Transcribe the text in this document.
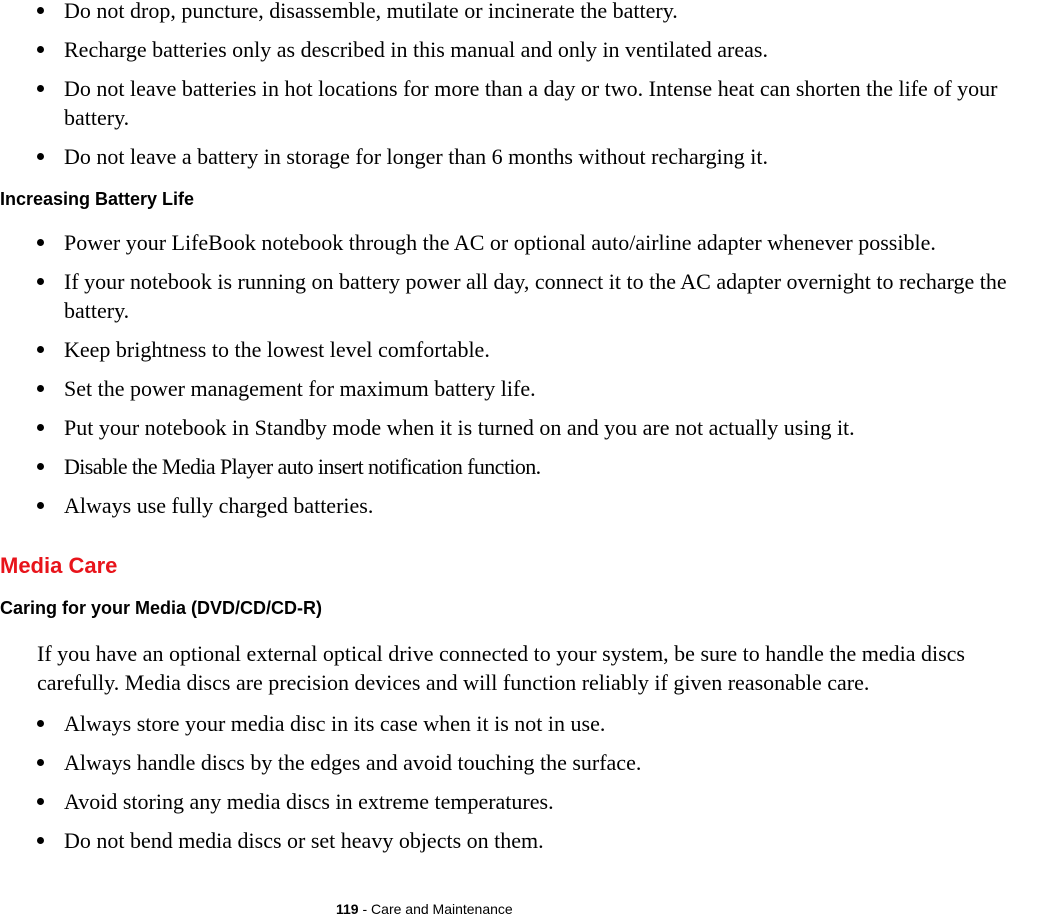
Do not drop, puncture, disassemble, mutilate or incinerate the battery.
Recharge batteries only as described in this manual and only in ventilated areas.
Do not leave batteries in hot locations for more than a day or two. Intense heat can shorten the life of your battery.
Do not leave a battery in storage for longer than 6 months without recharging it.
Increasing Battery Life
Power your LifeBook notebook through the AC or optional auto/airline adapter whenever possible.
If your notebook is running on battery power all day, connect it to the AC adapter overnight to recharge the battery.
Keep brightness to the lowest level comfortable.
Set the power management for maximum battery life.
Put your notebook in Standby mode when it is turned on and you are not actually using it.
Disable the Media Player auto insert notification function.
Always use fully charged batteries.
Media Care
Caring for your Media (DVD/CD/CD-R)

If you have an optional external optical drive connected to your system, be sure to handle the media discs carefully. Media discs are precision devices and will function reliably if given reasonable care.

Always store your media disc in its case when it is not in use.
Always handle discs by the edges and avoid touching the surface.
Avoid storing any media discs in extreme temperatures.
Do not bend media discs or set heavy objects on them.
119 - Care and Maintenance
